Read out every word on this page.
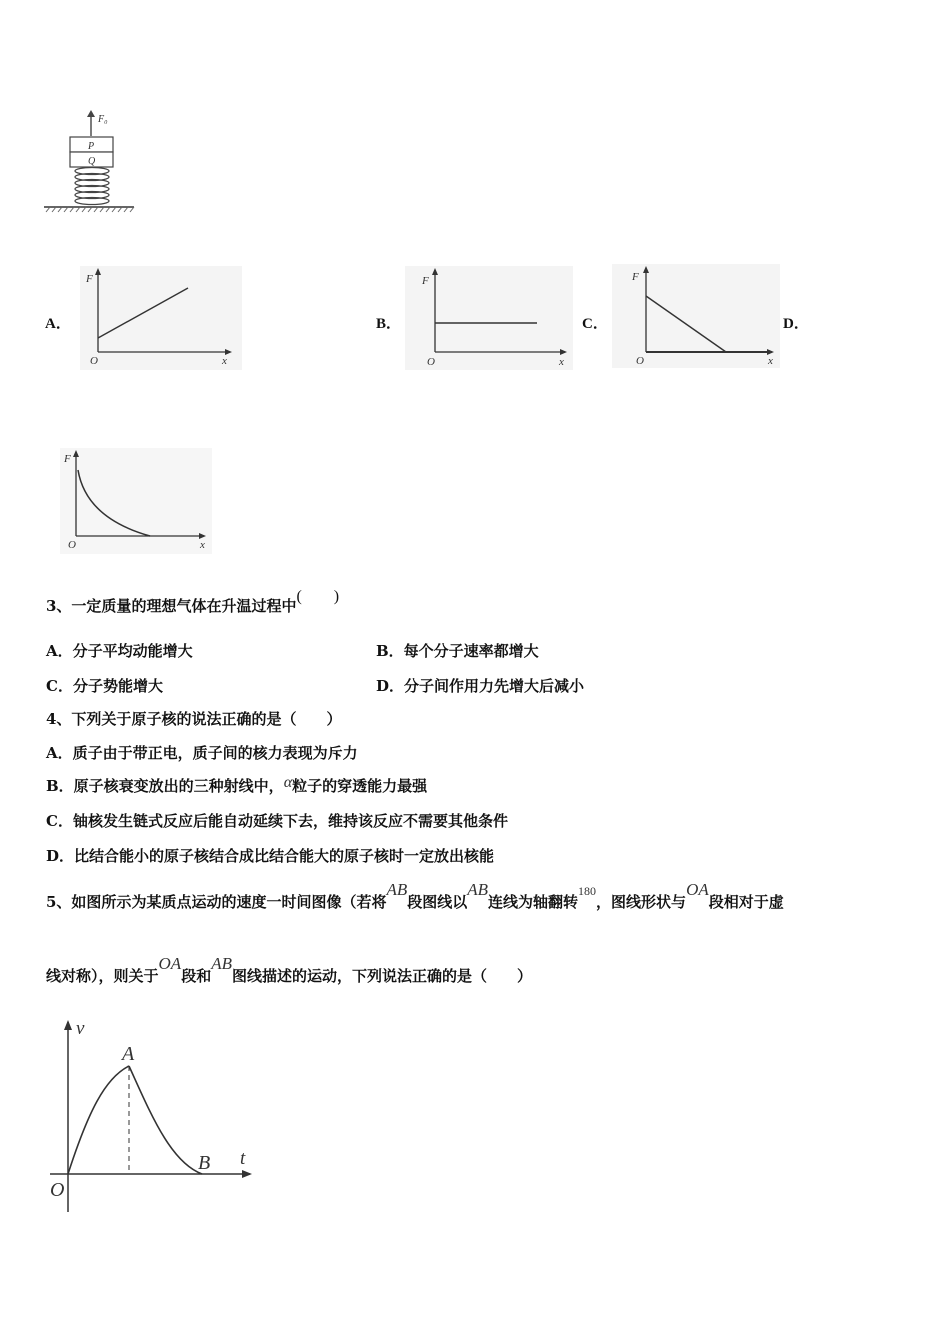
F₀
P
Q
A．
F
O	x
B．
F
O	x
C．
F
O	x
D．
F
O	x
3、一定质量的理想气体在升温过程中(　　)
A．分子平均动能增大	B．每个分子速率都增大
C．分子势能增大	D．分子间作用力先增大后减小
4、下列关于原子核的说法正确的是（　　）
A．质子由于带正电，质子间的核力表现为斥力
B．原子核衰变放出的三种射线中，α粒子的穿透能力最强
C．铀核发生链式反应后能自动延续下去，维持该反应不需要其他条件
D．比结合能小的原子核结合成比结合能大的原子核时一定放出核能
5、如图所示为某质点运动的速度一时间图像（若将AB段图线以AB连线为轴翻转$^{180}$，图线形状与OA段相对于虚
线对称），则关于OA段和AB图线描述的运动，下列说法正确的是（　　）
v
t
O
A
B
